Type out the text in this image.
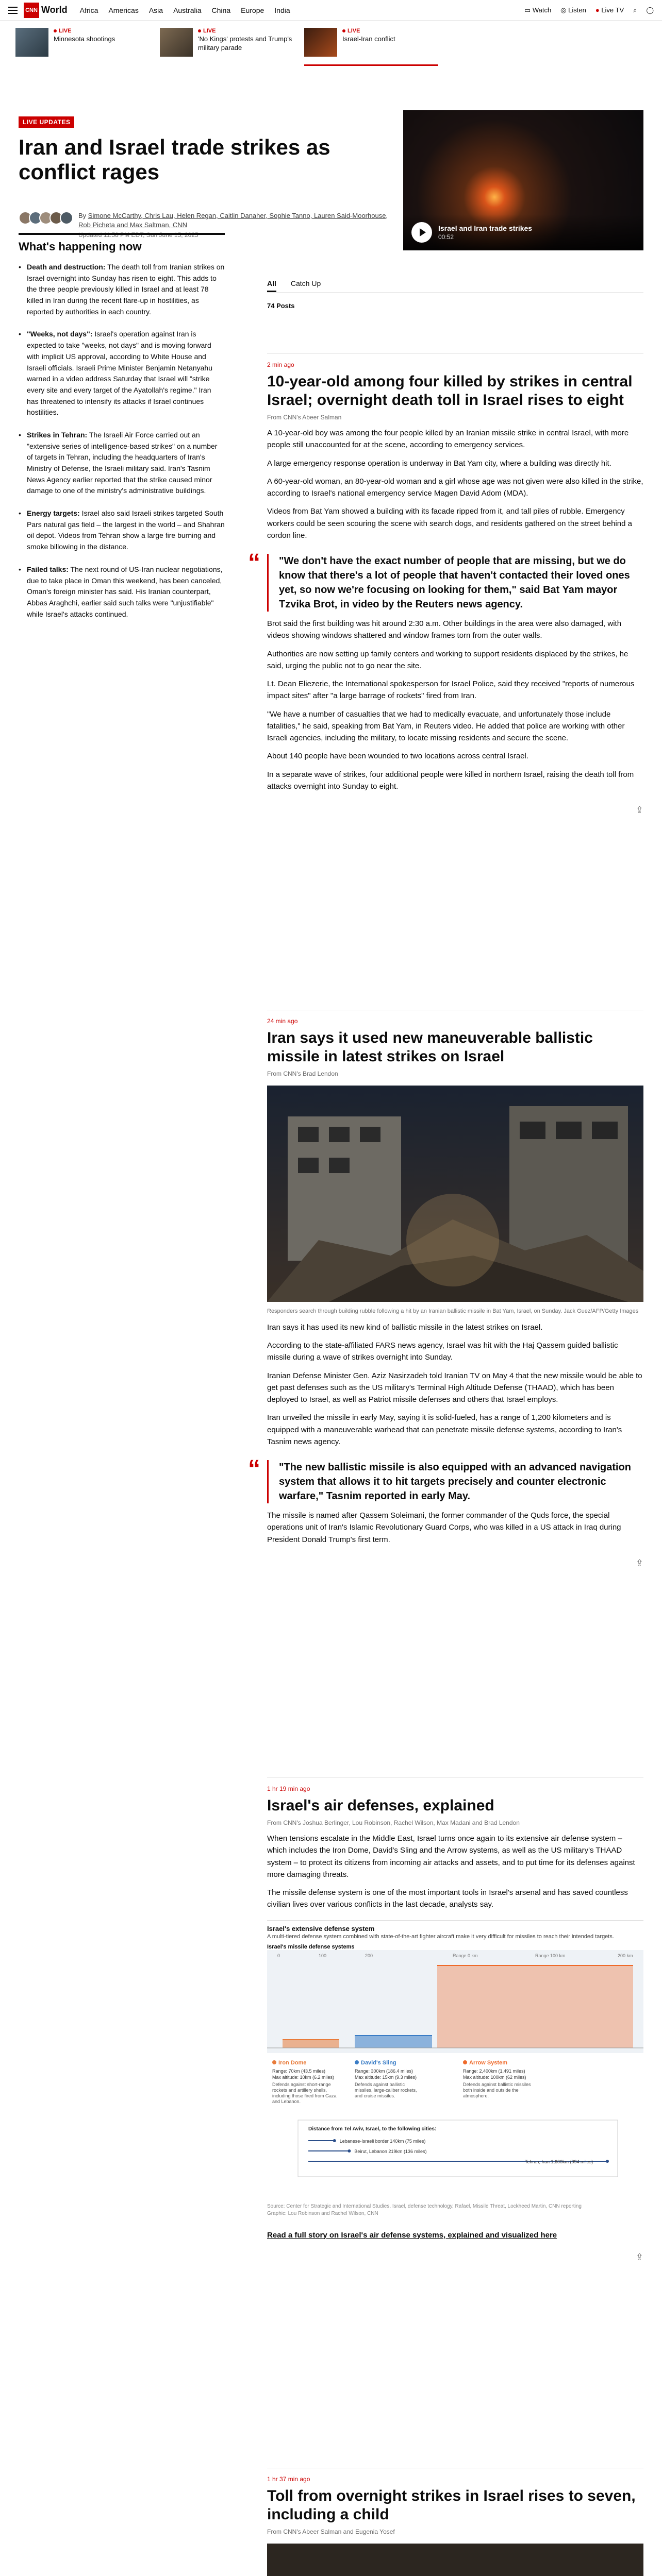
CNN World Africa Americas Asia Australia China Europe India	▭ Watch ◎ Listen ● Live TV ⌕ ◯
LIVE
Minnesota shootings
LIVE
'No Kings' protests and Trump's military parade
LIVE
Israel-Iran conflict
LIVE UPDATES
Iran and Israel trade strikes as conflict rages
Israel and Iran trade strikes
00:52
By Simone McCarthy, Chris Lau, Helen Regan, Caitlin Danaher, Sophie Tanno, Lauren Said-Moorhouse, Rob Picheta and Max Saltman, CNN
Updated 11:58 PM EDT, Sun June 15, 2025
What's happening now
• Death and destruction: The death toll from Iranian strikes on Israel overnight into Sunday has risen to eight. This adds to the three people previously killed in Israel and at least 78 killed in Iran during the recent flare-up in hostilities, as reported by authorities in each country.
• "Weeks, not days": Israel's operation against Iran is expected to take "weeks, not days" and is moving forward with implicit US approval, according to White House and Israeli officials. Israeli Prime Minister Benjamin Netanyahu warned in a video address Saturday that Israel will "strike every site and every target of the Ayatollah's regime." Iran has threatened to intensify its attacks if Israel continues hostilities.
• Strikes in Tehran: The Israeli Air Force carried out an "extensive series of intelligence-based strikes" on a number of targets in Tehran, including the headquarters of Iran's Ministry of Defense, the Israeli military said. Iran's Tasnim News Agency earlier reported that the strike caused minor damage to one of the ministry's administrative buildings.
• Energy targets: Israel also said Israeli strikes targeted South Pars natural gas field – the largest in the world – and Shahran oil depot. Videos from Tehran show a large fire burning and smoke billowing in the distance.
• Failed talks: The next round of US-Iran nuclear negotiations, due to take place in Oman this weekend, has been canceled, Oman's foreign minister has said. His Iranian counterpart, Abbas Araghchi, earlier said such talks were "unjustifiable" while Israel's attacks continued.
All Catch Up
74 Posts
2 min ago
10-year-old among four killed by strikes in central Israel; overnight death toll in Israel rises to eight
From CNN's Abeer Salman

A 10-year-old boy was among the four people killed by an Iranian missile strike in central Israel, with more people still unaccounted for at the scene, according to emergency services.

A large emergency response operation is underway in Bat Yam city, where a building was directly hit.

A 60-year-old woman, an 80-year-old woman and a girl whose age was not given were also killed in the strike, according to Israel's national emergency service Magen David Adom (MDA).

Videos from Bat Yam showed a building with its facade ripped from it, and tall piles of rubble. Emergency workers could be seen scouring the scene with search dogs, and residents gathered on the street behind a cordon line.

“ "We don't have the exact number of people that are missing, but we do know that there's a lot of people that haven't contacted their loved ones yet, so now we're focusing on looking for them," said Bat Yam mayor Tzvika Brot, in video by the Reuters news agency.

Brot said the first building was hit around 2:30 a.m. Other buildings in the area were also damaged, with videos showing windows shattered and window frames torn from the outer walls.

Authorities are now setting up family centers and working to support residents displaced by the strikes, he said, urging the public not to go near the site.

Lt. Dean Eliezerie, the International spokesperson for Israel Police, said they received "reports of numerous impact sites" after "a large barrage of rockets" fired from Iran.

"We have a number of casualties that we had to medically evacuate, and unfortunately those include fatalities," he said, speaking from Bat Yam, in Reuters video. He added that police are working with other Israeli agencies, including the military, to locate missing residents and secure the scene.

About 140 people have been wounded to two locations across central Israel.

In a separate wave of strikes, four additional people were killed in northern Israel, raising the death toll from attacks overnight into Sunday to eight.

⇪
24 min ago
Iran says it used new maneuverable ballistic missile in latest strikes on Israel
From CNN's Brad Lendon
Responders search through building rubble following a hit by an Iranian ballistic missile in Bat Yam, Israel, on Sunday. Jack Guez/AFP/Getty Images

Iran says it has used its new kind of ballistic missile in the latest strikes on Israel.

According to the state-affiliated FARS news agency, Israel was hit with the Haj Qassem guided ballistic missile during a wave of strikes overnight into Sunday.

Iranian Defense Minister Gen. Aziz Nasirzadeh told Iranian TV on May 4 that the new missile would be able to get past defenses such as the US military's Terminal High Altitude Defense (THAAD), which has been deployed to Israel, as well as Patriot missile defenses and others that Israel employs.

Iran unveiled the missile in early May, saying it is solid-fueled, has a range of 1,200 kilometers and is equipped with a maneuverable warhead that can penetrate missile defense systems, according to Iran's Tasnim news agency.

“ "The new ballistic missile is also equipped with an advanced navigation system that allows it to hit targets precisely and counter electronic warfare," Tasnim reported in early May.

The missile is named after Qassem Soleimani, the former commander of the Quds force, the special operations unit of Iran's Islamic Revolutionary Guard Corps, who was killed in a US attack in Iraq during President Donald Trump's first term.

⇪
1 hr 19 min ago
Israel's air defenses, explained
From CNN's Joshua Berlinger, Lou Robinson, Rachel Wilson, Max Madani and Brad Lendon

When tensions escalate in the Middle East, Israel turns once again to its extensive air defense system – which includes the Iron Dome, David's Sling and the Arrow systems, as well as the US military's THAAD system – to protect its citizens from incoming air attacks and assets, and to put time for its defenses against more damaging threats.

The missile defense system is one of the most important tools in Israel's arsenal and has saved countless civilian lives over various conflicts in the last decade, analysts say.

Israel's extensive defense system
A multi-tiered defense system combined with state-of-the-art fighter aircraft make it very difficult for missiles to reach their intended targets.
Israel's missile defense systems
0	100	200	Range 0 km	Range 100 km	200 km
Iron Dome
Range: 70km (43.5 miles)
Max altitude: 10km (6.2 miles)
Defends against short-range
rockets and artillery shells,
including those fired from Gaza
and Lebanon.
David's Sling
Range: 300km (186.4 miles)
Max altitude: 15km (9.3 miles)
Defends against ballistic
missiles, large-caliber rockets,
and cruise missiles.
Arrow System
Range: 2,400km (1,491 miles)
Max altitude: 100km (62 miles)
Defends against ballistic missiles
both inside and outside the
atmosphere.
Distance from Tel Aviv, Israel, to the following cities:
Lebanese-Israeli border 140km (75 miles)
Beirut, Lebanon 219km (136 miles)
Tehran, Iran 1,600km (994 miles)
Source: Center for Strategic and International Studies, Israel, defense technology, Rafael, Missile Threat, Lockheed Martin, CNN reporting
Graphic: Lou Robinson and Rachel Wilson, CNN
Read a full story on Israel's air defense systems, explained and visualized here
⇪
1 hr 37 min ago
Toll from overnight strikes in Israel rises to seven, including a child
From CNN's Abeer Salman and Eugenia Yosef
